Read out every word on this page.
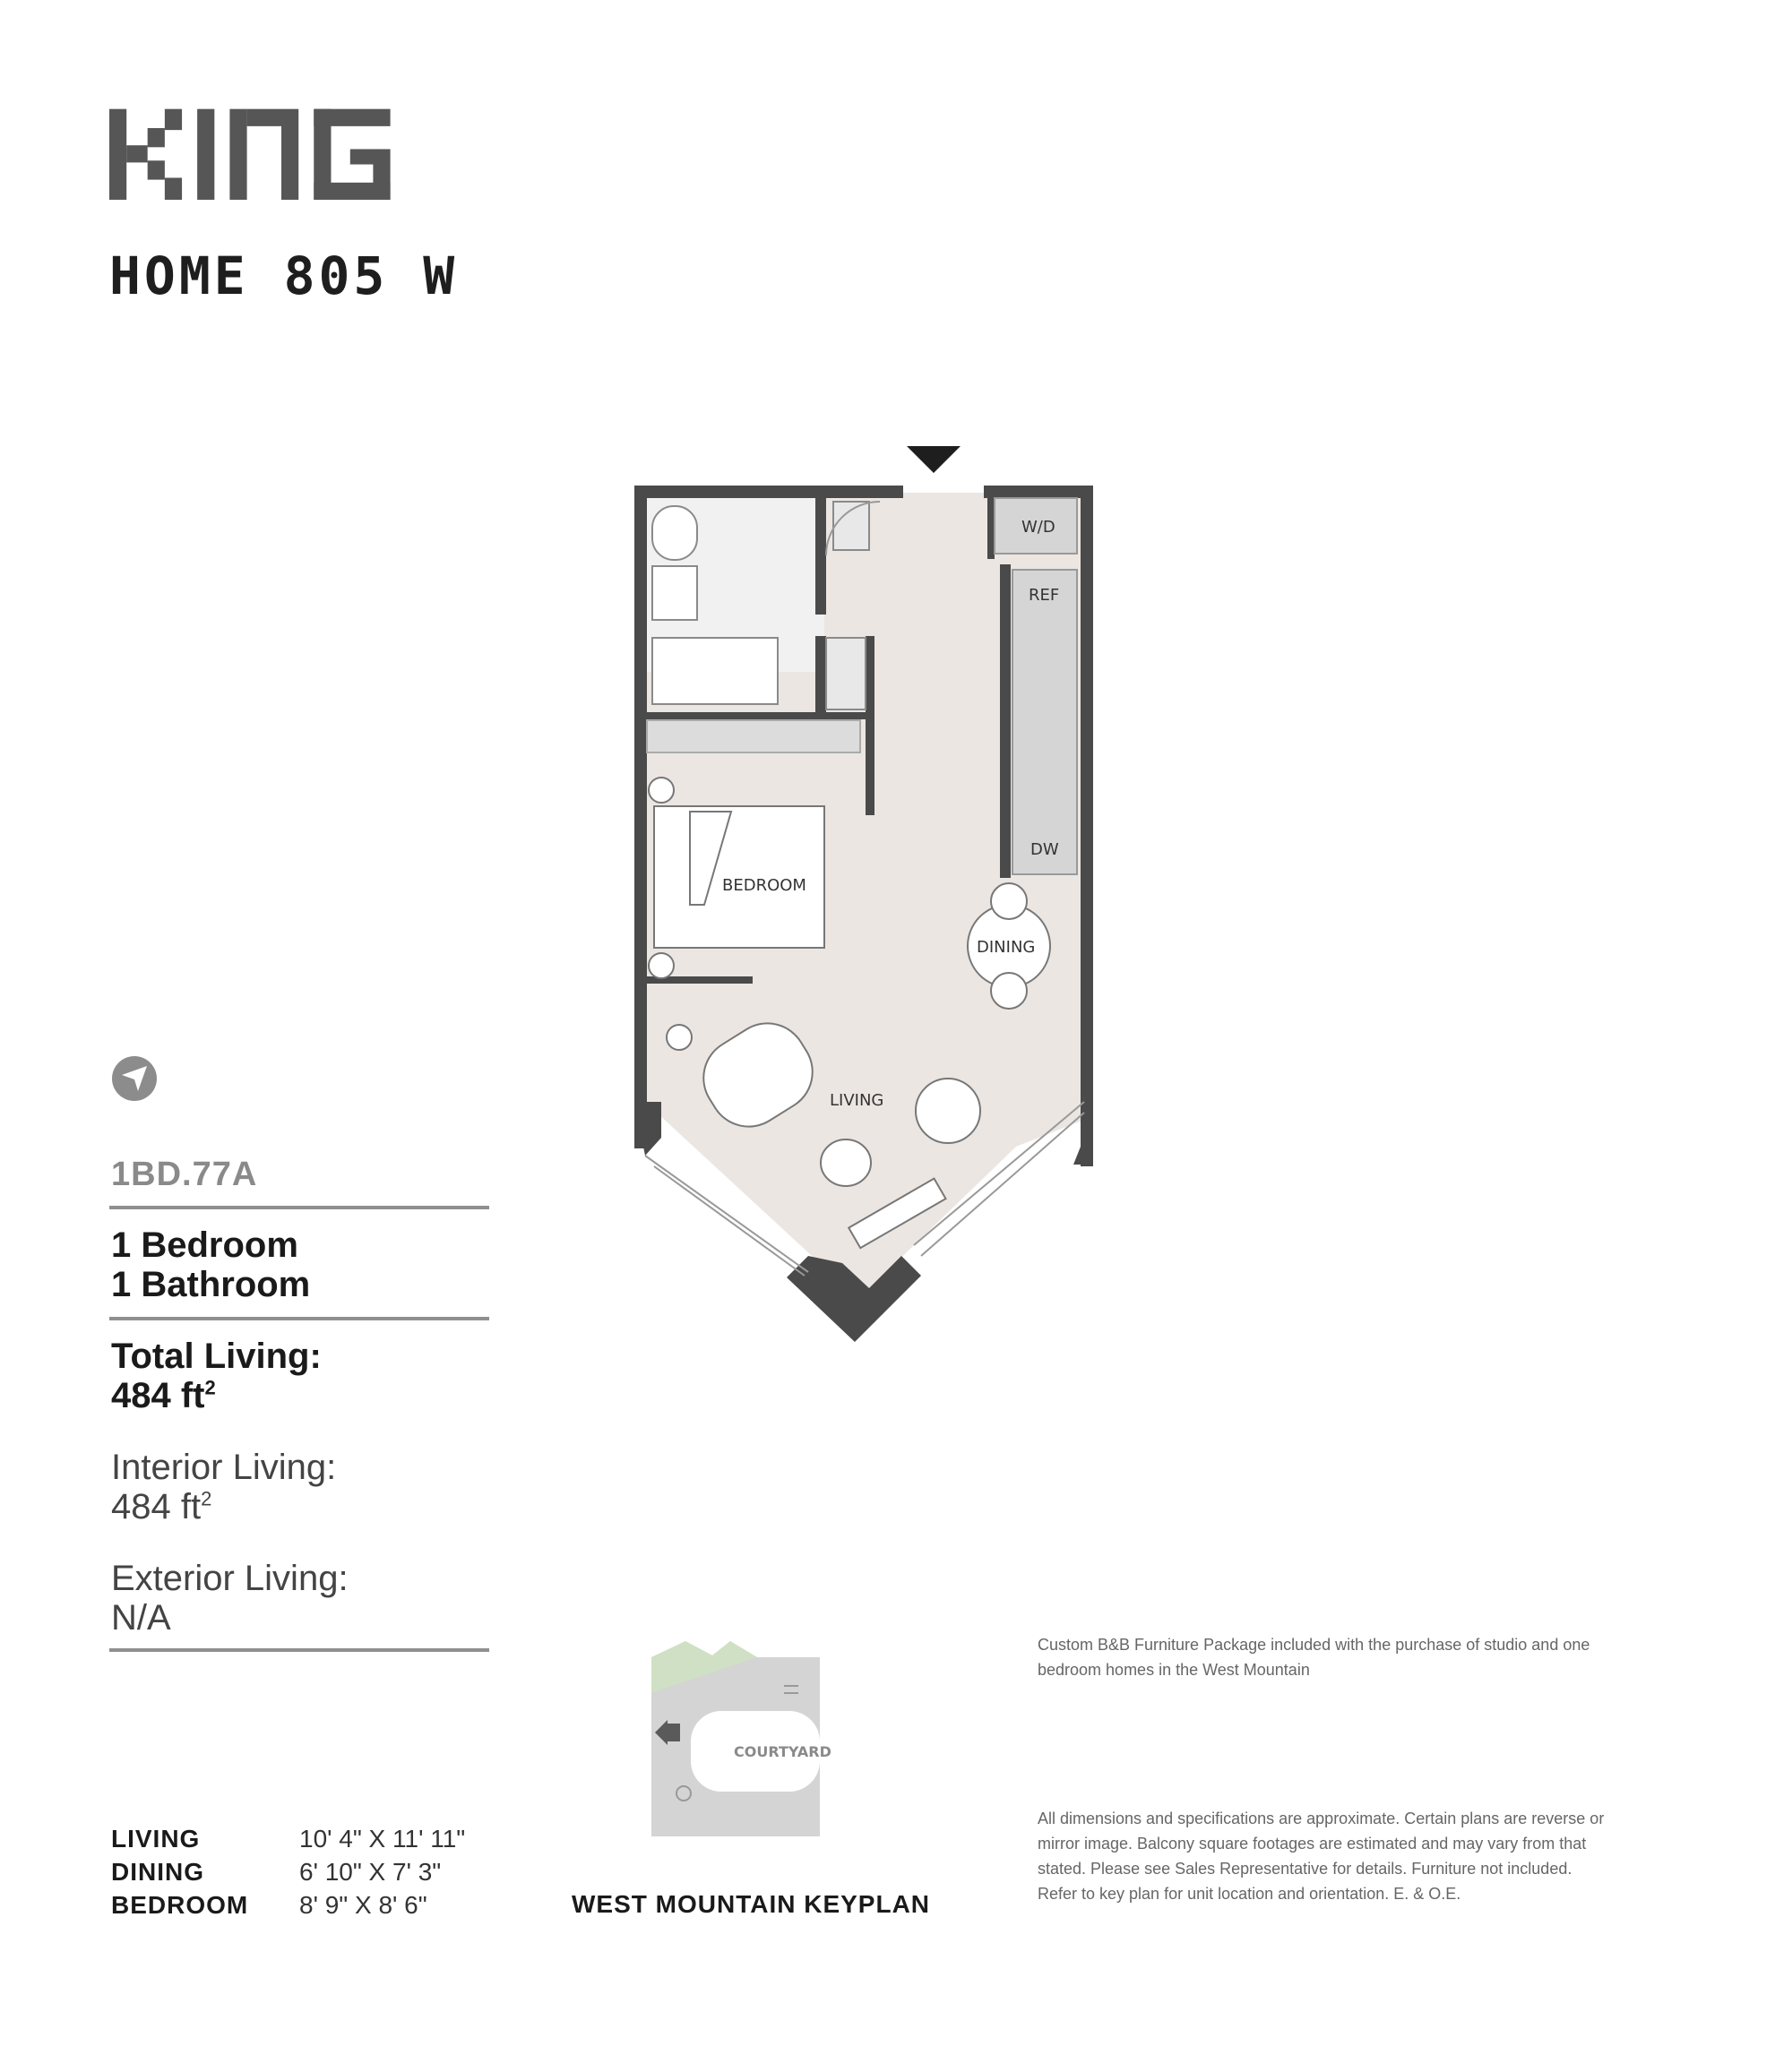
HOME 805 W
1BD.77A
1 Bedroom
1 Bathroom
Total Living:
484 $ft^2$
Interior Living:
484 $ft^2$
Exterior Living:
N/A
LIVING	10' 4" X 11' 11"
DINING	6' 10" X 7' 3"
BEDROOM	8' 9" X 8' 6"
W/D
REF
DW
BEDROOM
DINING
LIVING
COURTYARD
WEST MOUNTAIN KEYPLAN
Custom B&B Furniture Package included with the purchase of studio and one bedroom homes in the West Mountain
All dimensions and specifications are approximate. Certain plans are reverse or mirror image. Balcony square footages are estimated and may vary from that stated. Please see Sales Representative for details. Furniture not included. Refer to key plan for unit location and orientation. E. & O.E.
